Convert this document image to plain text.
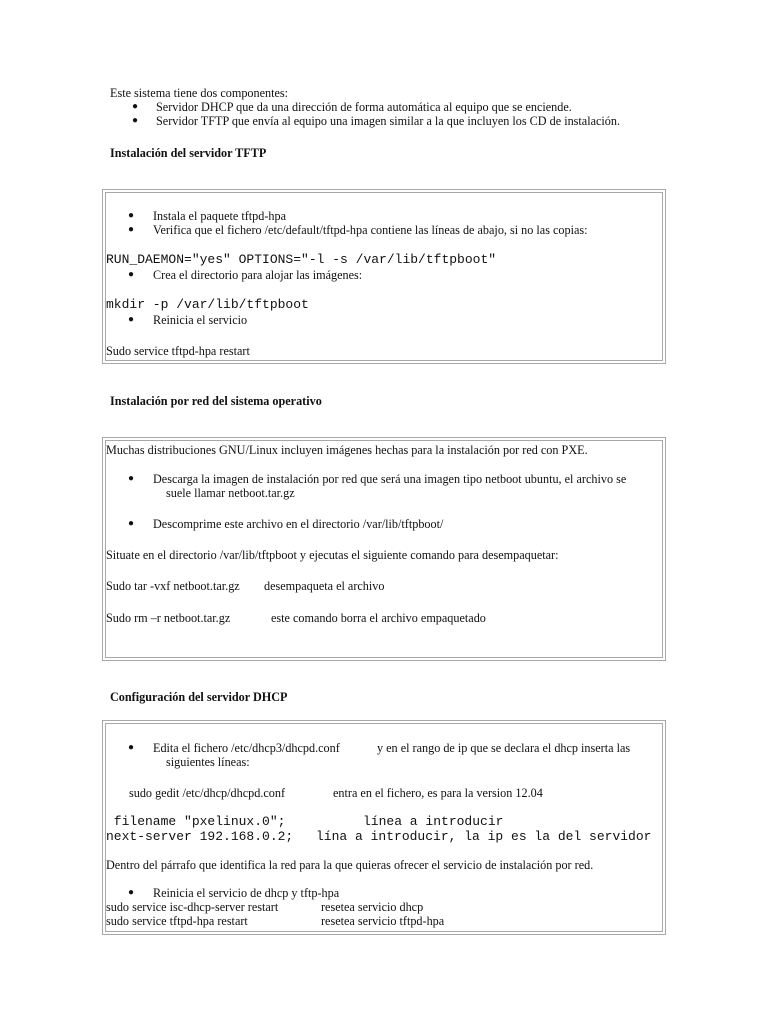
Este sistema tiene dos componentes:
● Servidor DHCP que da una dirección de forma automática al equipo que se enciende.
● Servidor TFTP que envía al equipo una imagen similar a la que incluyen los CD de instalación.
Instalación del servidor TFTP
● Instala el paquete tftpd-hpa
● Verifica que el fichero /etc/default/tftpd-hpa contiene las líneas de abajo, si no las copias:
RUN_DAEMON="yes" OPTIONS="-l -s /var/lib/tftpboot"
● Crea el directorio para alojar las imágenes:
mkdir -p /var/lib/tftpboot
● Reinicia el servicio
Sudo service tftpd-hpa restart
Instalación por red del sistema operativo
Muchas distribuciones GNU/Linux incluyen imágenes hechas para la instalación por red con PXE.
● Descarga la imagen de instalación por red que será una imagen tipo netboot ubuntu, el archivo se
suele llamar netboot.tar.gz
● Descomprime este archivo en el directorio /var/lib/tftpboot/
Situate en el directorio /var/lib/tftpboot y ejecutas el siguiente comando para desempaquetar:
Sudo tar -vxf netboot.tar.gz desempaqueta el archivo
Sudo rm –r netboot.tar.gz	este comando borra el archivo empaquetado
Configuración del servidor DHCP
● Edita el fichero /etc/dhcp3/dhcpd.conf	y en el rango de ip que se declara el dhcp inserta las
siguientes líneas:
sudo gedit /etc/dhcp/dhcpd.conf	entra en el fichero, es para la version 12.04
filename "pxelinux.0";	línea a introducir
next-server 192.168.0.2; lína a introducir, la ip es la del servidor
Dentro del párrafo que identifica la red para la que quieras ofrecer el servicio de instalación por red.
● Reinicia el servicio de dhcp y tftp-hpa
sudo service isc-dhcp-server restart	resetea servicio dhcp
sudo service tftpd-hpa restart	resetea servicio tftpd-hpa
